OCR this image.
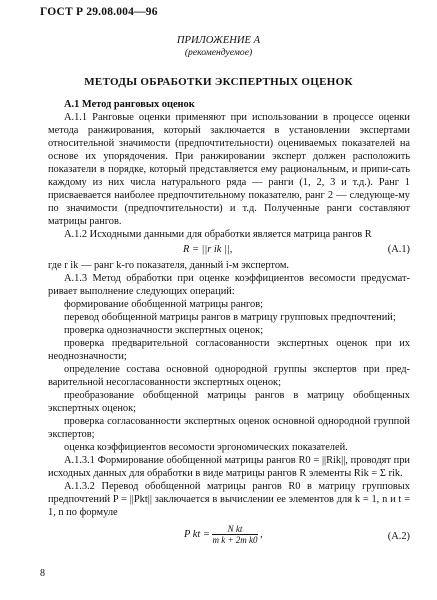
ГОСТ Р 29.08.004—96
ПРИЛОЖЕНИЕ А
(рекомендуемое)
МЕТОДЫ ОБРАБОТКИ ЭКСПЕРТНЫХ ОЦЕНОК

А.1 Метод ранговых оценок

А.1.1 Ранговые оценки применяют при использовании в процессе оценки метода ранжирования, который заключается в установлении экспертами относительной значимости (предпочтительности) оцениваемых показателей на основе их упорядочения. При ранжировании эксперт должен расположить показатели в порядке, который представляется ему рациональным, и припи-сать каждому из них числа натурального ряда — ранги (1, 2, 3 и т.д.). Ранг 1 присваевается наиболее предпочтительному показателю, ранг 2 — следующе-му по значимости (предпочтительности) и т.д. Полученные ранги составляют матрицы рангов.

А.1.2 Исходными данными для обработки является матрица рангов R

R = ||r ik ||,	(А.1)

где r ik — ранг k-го показателя, данный i-м экспертом.

А.1.3 Метод обработки при оценке коэффициентов весомости предусмат-ривает выполнение следующих операций:

формирование обобщенной матрицы рангов;

перевод обобщенной матрицы рангов в матрицу групповых предпочтений;

проверка однозначности экспертных оценок;

проверка предварительной согласованности экспертных оценок при их неоднозначности;

определение состава основной однородной группы экспертов при пред-варительной несогласованности экспертных оценок;

преобразование обобщенной матрицы рангов в матрицу обобщенных экспертных оценок;

проверка согласованности экспертных оценок основной однородной группой экспертов;

оценка коэффициентов весомости эргономических показателей.

А.1.3.1 Формирование обобщенной матрицы рангов R0 = ||Rik||, проводят при исходных данных для обработки в виде матрицы рангов R элементы Rik = Σ rik.

А.1.3.2 Перевод обобщенной матрицы рангов R0 в матрицу групповых предпочтений P = ||Pkt|| заключается в вычислении ее элементов для k = 1, n и t = 1, n по формуле

P kt = $\frac{\text{N kt}}{\text{m k + 2m k0}}$ ,	(А.2)
8
